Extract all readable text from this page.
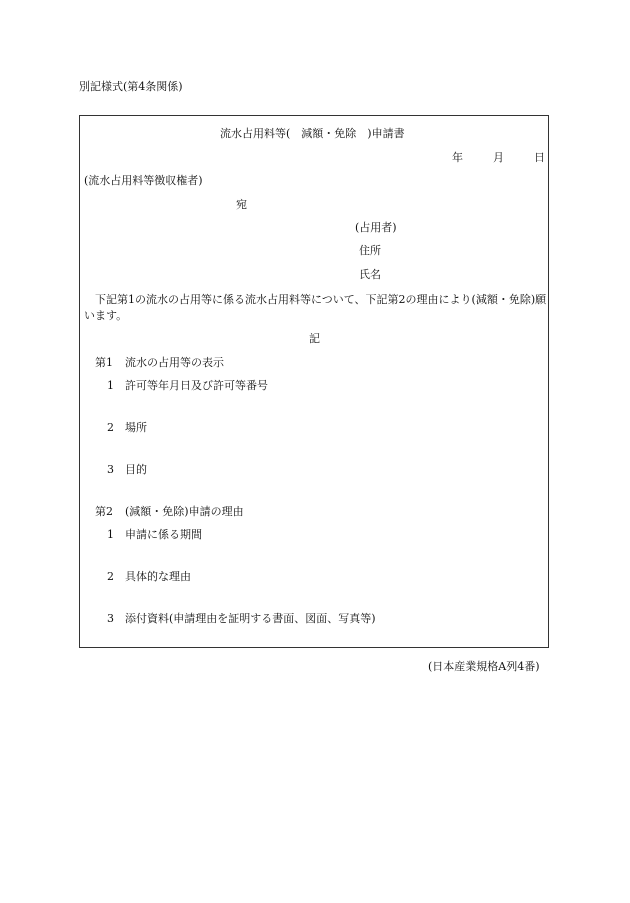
別記様式(第4条関係)
流水占用料等(　減額・免除　)申請書
年	月	日
(流水占用料等徴収権者)
宛
(占用者)
住所
氏名
下記第1の流水の占用等に係る流水占用料等について、下記第2の理由により(減額・免除)願います。
記
第1 流水の占用等の表示
1 許可等年月日及び許可等番号
2 場所
3 目的
第2 (減額・免除)申請の理由
1 申請に係る期間
2 具体的な理由
3 添付資料(申請理由を証明する書面、図面、写真等)
(日本産業規格A列4番)
